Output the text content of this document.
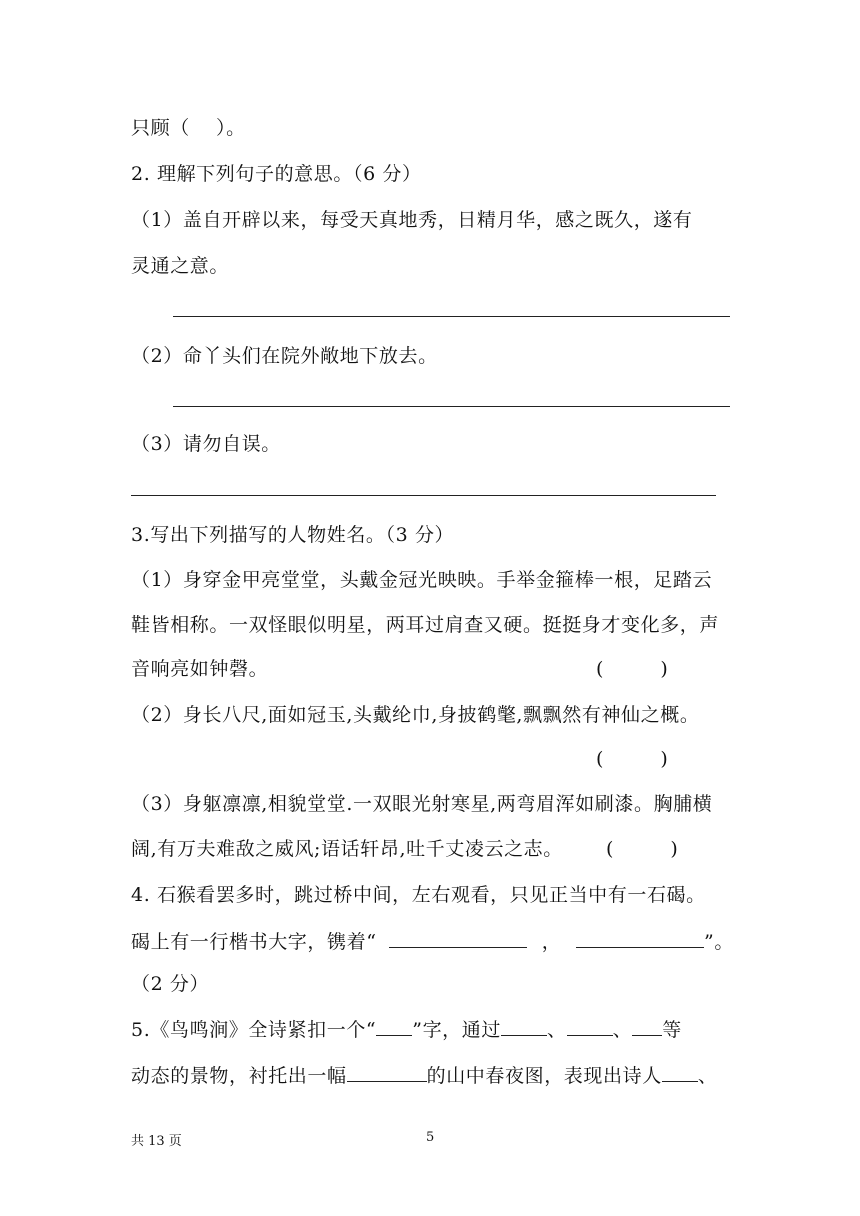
只顾（　 ）。
2. 理解下列句子的意思。（6 分）
（1）盖自开辟以来，每受天真地秀，日精月华，感之既久，遂有
灵通之意。
（2）命丫头们在院外敞地下放去。
（3）请勿自误。
3.写出下列描写的人物姓名。（3 分）
（1）身穿金甲亮堂堂，头戴金冠光映映。手举金箍棒一根，足踏云
鞋皆相称。一双怪眼似明星，两耳过肩查又硬。挺挺身才变化多，声
音响亮如钟磬。	(　　　)
（2）身长八尺,面如冠玉,头戴纶巾,身披鹤氅,飘飘然有神仙之概。
(　　　)
（3）身躯凛凛,相貌堂堂.一双眼光射寒星,两弯眉浑如刷漆。胸脯横
阔,有万夫难敌之威风;语话轩昂,吐千丈凌云之志。 (　　　)
4. 石猴看罢多时，跳过桥中间，左右观看，只见正当中有一石碣。
碣上有一行楷书大字，镌着“	，	”。
（2 分）
5.《鸟鸣涧》全诗紧扣一个“ ”字，通过 、 、 等
动态的景物，衬托出一幅	的山中春夜图，表现出诗人 、
共 13 页	5
